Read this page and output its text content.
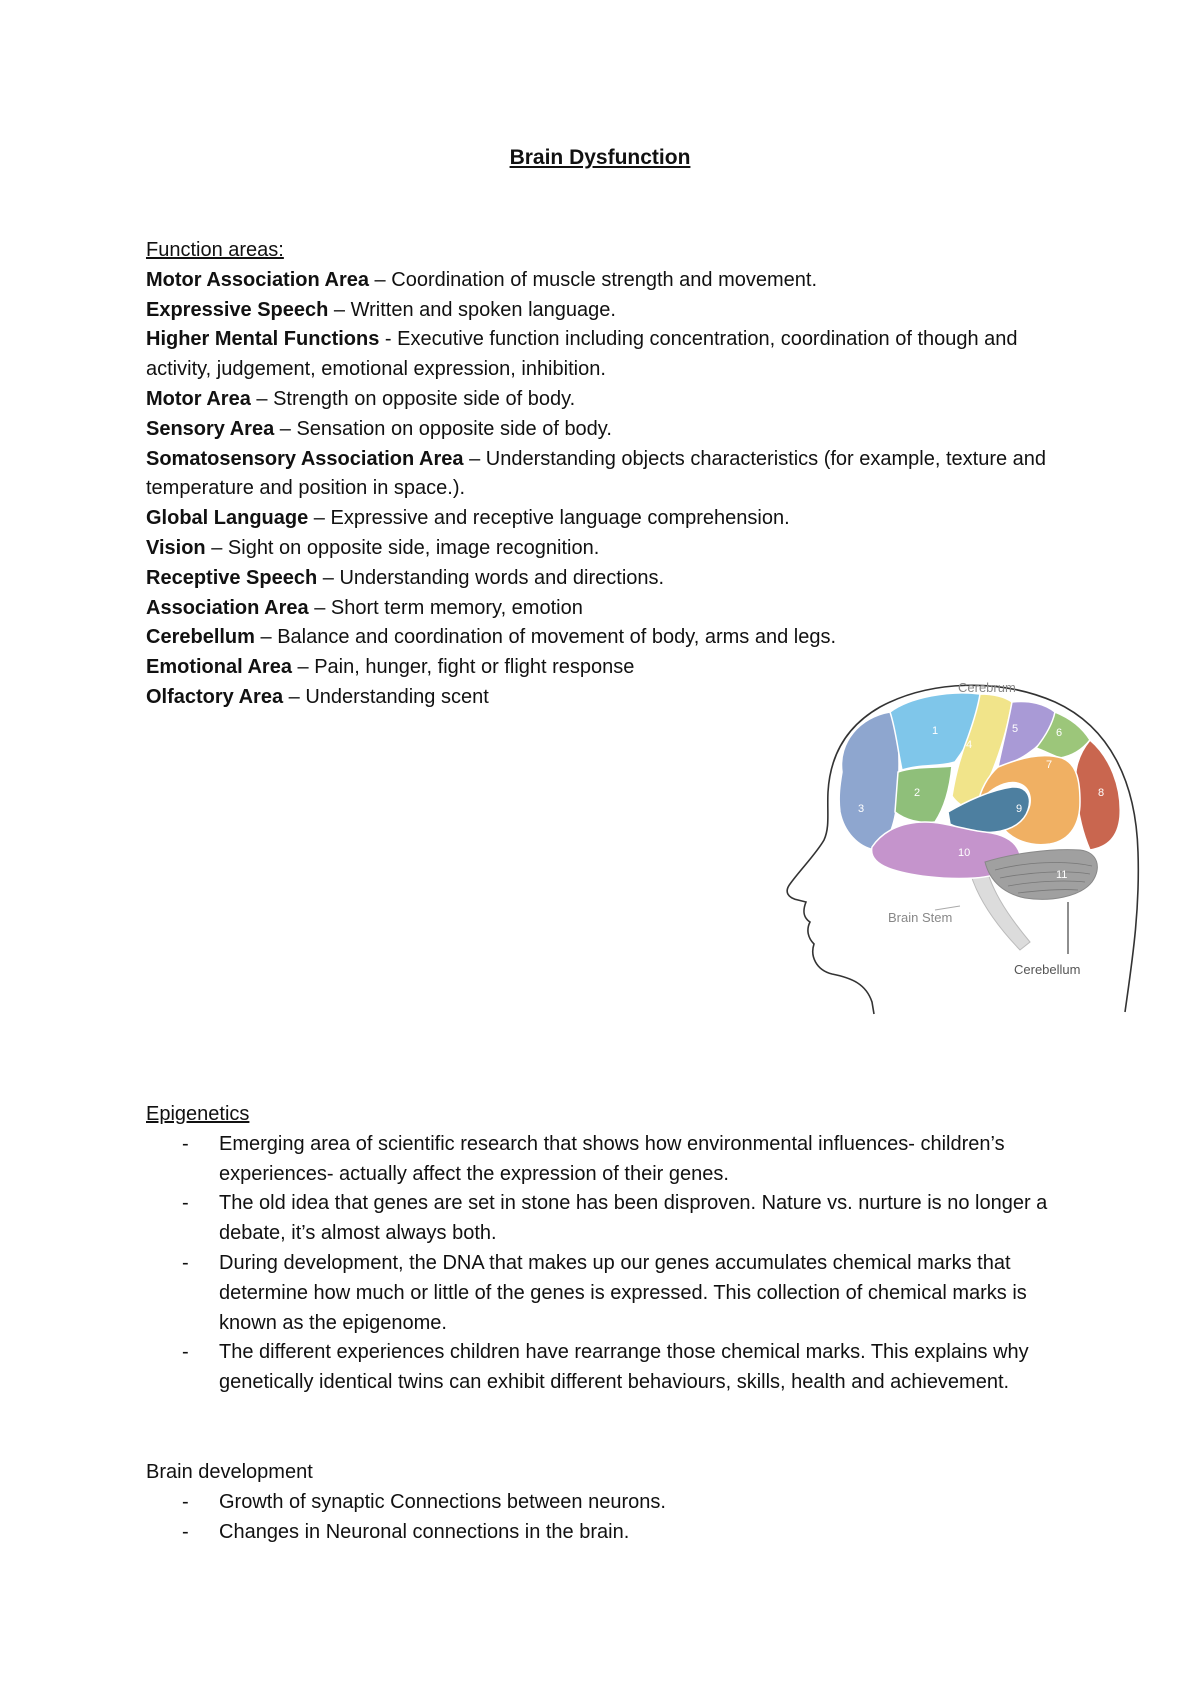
Brain Dysfunction

Function areas:

Motor Association Area – Coordination of muscle strength and movement.

Expressive Speech – Written and spoken language.

Higher Mental Functions - Executive function including concentration, coordination of though and activity, judgement, emotional expression, inhibition.

Motor Area – Strength on opposite side of body.

Sensory Area – Sensation on opposite side of body.

Somatosensory Association Area – Understanding objects characteristics (for example, texture and temperature and position in space.).

Global Language – Expressive and receptive language comprehension.

Vision – Sight on opposite side, image recognition.

Receptive Speech – Understanding words and directions.

Association Area – Short term memory, emotion

Cerebellum – Balance and coordination of movement of body, arms and legs.

Emotional Area – Pain, hunger, fight or flight response

Olfactory Area – Understanding scent	Cerebrum
Brain Stem
Cerebellum
1
2
3
4
5	6
7
8
9
10
11

Epigenetics

- Emerging area of scientific research that shows how environmental influences- children’s experiences- actually affect the expression of their genes.
- The old idea that genes are set in stone has been disproven. Nature vs. nurture is no longer a debate, it’s almost always both.
- During development, the DNA that makes up our genes accumulates chemical marks that determine how much or little of the genes is expressed. This collection of chemical marks is known as the epigenome.
- The different experiences children have rearrange those chemical marks. This explains why genetically identical twins can exhibit different behaviours, skills, health and achievement.

Brain development

- Growth of synaptic Connections between neurons.
- Changes in Neuronal connections in the brain.
